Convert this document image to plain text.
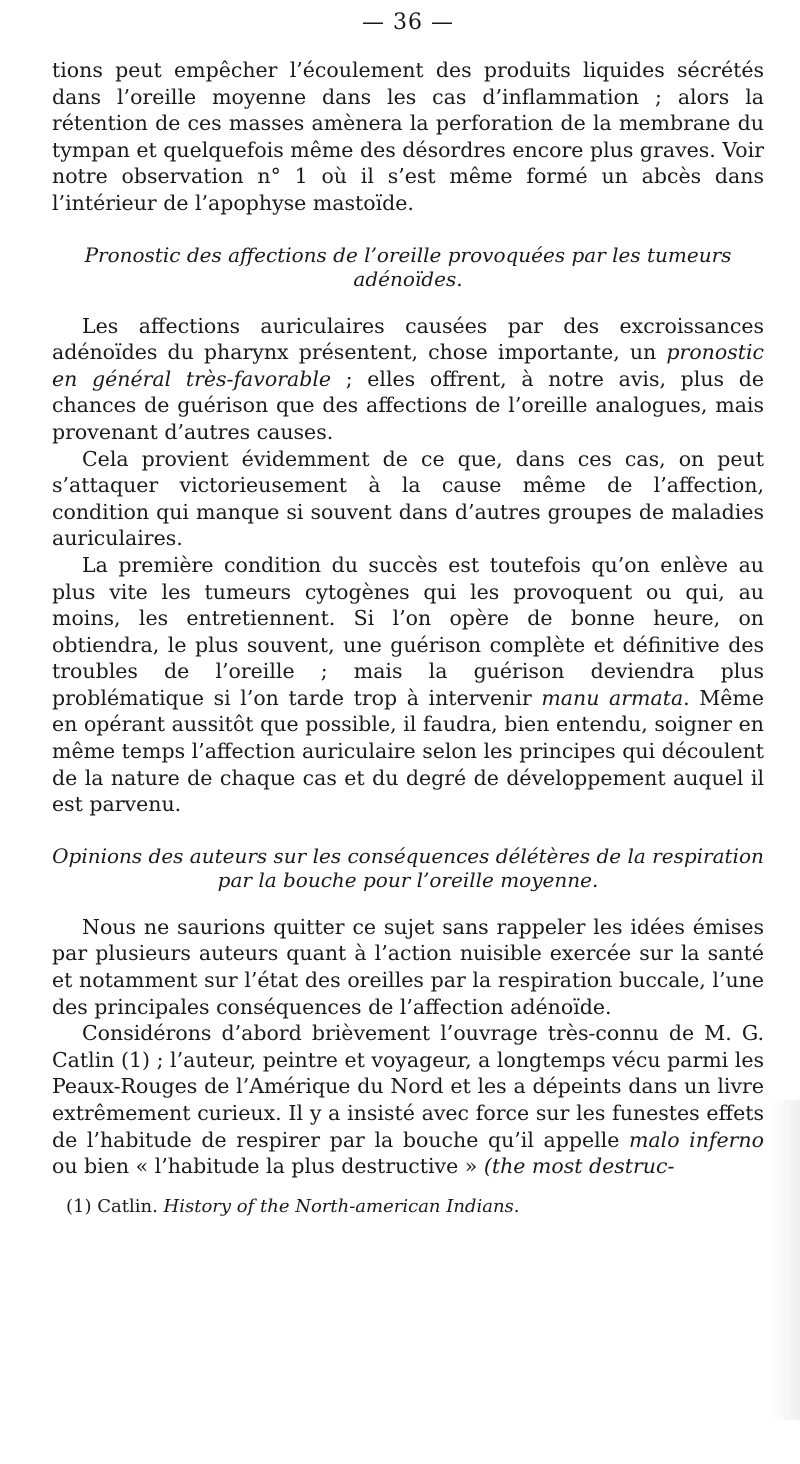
— 36 —

tions peut empêcher l’écoulement des produits liquides sécrétés dans l’oreille moyenne dans les cas d’inflammation ; alors la rétention de ces masses amènera la perforation de la membrane du tympan et quelquefois même des désordres encore plus graves. Voir notre observation n° 1 où il s’est même formé un abcès dans l’intérieur de l’apophyse mastoïde.

Pronostic des affections de l’oreille provoquées par les tumeurs
adénoïdes.

Les affections auriculaires causées par des excroissances adénoïdes du pharynx présentent, chose importante, un pronostic en général très-favorable ; elles offrent, à notre avis, plus de chances de guérison que des affections de l’oreille analogues, mais provenant d’autres causes.

Cela provient évidemment de ce que, dans ces cas, on peut s’attaquer victorieusement à la cause même de l’affection, condition qui manque si souvent dans d’autres groupes de maladies auriculaires.

La première condition du succès est toutefois qu’on enlève au plus vite les tumeurs cytogènes qui les provoquent ou qui, au moins, les entretiennent. Si l’on opère de bonne heure, on obtiendra, le plus souvent, une guérison complète et définitive des troubles de l’oreille ; mais la guérison deviendra plus problématique si l’on tarde trop à intervenir manu armata. Même en opérant aussitôt que possible, il faudra, bien entendu, soigner en même temps l’affection auriculaire selon les principes qui découlent de la nature de chaque cas et du degré de développement auquel il est parvenu.

Opinions des auteurs sur les conséquences délétères de la respiration
par la bouche pour l’oreille moyenne.

Nous ne saurions quitter ce sujet sans rappeler les idées émises par plusieurs auteurs quant à l’action nuisible exercée sur la santé et notamment sur l’état des oreilles par la respiration buccale, l’une des principales conséquences de l’affection adénoïde.

Considérons d’abord brièvement l’ouvrage très-connu de M. G. Catlin (1) ; l’auteur, peintre et voyageur, a longtemps vécu parmi les Peaux-Rouges de l’Amérique du Nord et les a dépeints dans un livre extrêmement curieux. Il y a insisté avec force sur les funestes effets de l’habitude de respirer par la bouche qu’il appelle malo inferno ou bien « l’habitude la plus destructive » (the most destruc-

(1) Catlin. History of the North-american Indians.
